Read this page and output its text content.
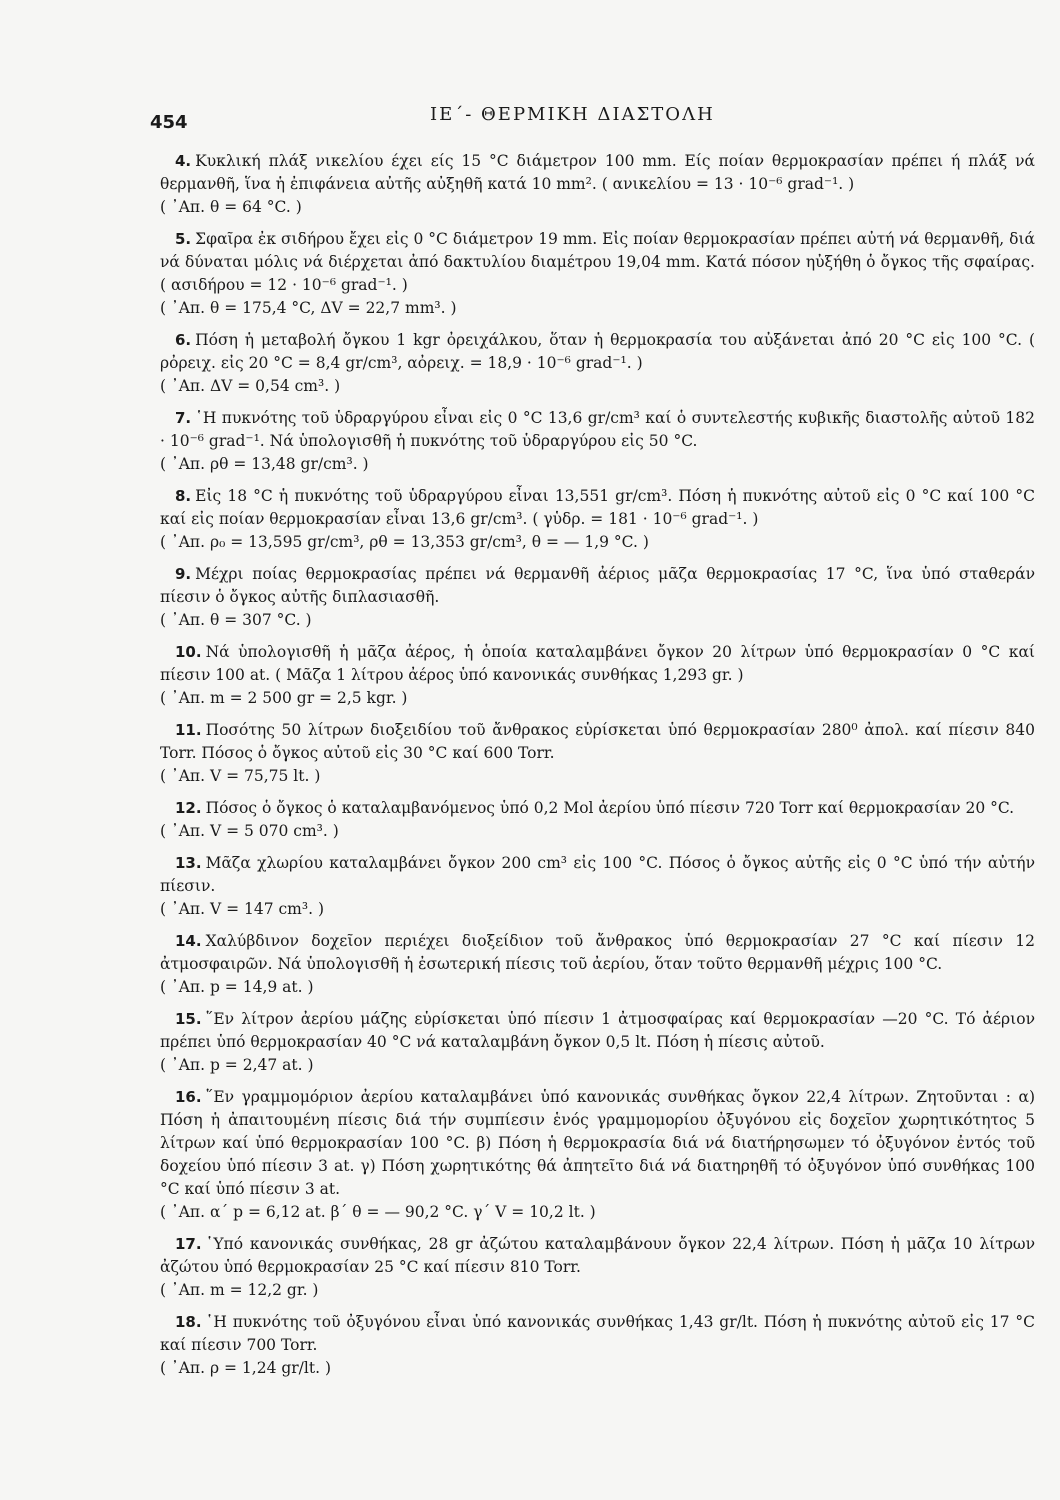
454	ΙΕ΄- ΘΕΡΜΙΚΗ ΔΙΑΣΤΟΛΗ

4. Κυκλική πλάξ νικελίου έχει είς 15 °C διάμετρον 100 mm. Είς ποίαν θερμοκρασίαν πρέπει ή πλάξ νά θερμανθῆ, ἵνα ἡ ἐπιφάνεια αὐτῆς αὐξηθῆ κατά 10 mm². ( ανικελίου = 13 · 10⁻⁶ grad⁻¹. )

( ᾿Απ. θ = 64 °C. )

5. Σφαῖρα ἐκ σιδήρου ἔχει εἰς 0 °C διάμετρον 19 mm. Εἰς ποίαν θερμοκρασίαν πρέπει αὐτή νά θερμανθῆ, διά νά δύναται μόλις νά διέρχεται ἀπό δακτυλίου διαμέτρου 19,04 mm. Κατά πόσον ηὐξήθη ὁ ὄγκος τῆς σφαίρας. ( ασιδήρου = 12 · 10⁻⁶ grad⁻¹. )

( ᾿Απ. θ = 175,4 °C, ΔV = 22,7 mm³. )

6. Πόση ἡ μεταβολή ὄγκου 1 kgr ὀρειχάλκου, ὅταν ἡ θερμοκρασία του αὐξάνεται ἀπό 20 °C εἰς 100 °C. ( ρὀρειχ. εἰς 20 °C = 8,4 gr/cm³, αὀρειχ. = 18,9 · 10⁻⁶ grad⁻¹. )

( ᾿Απ. ΔV = 0,54 cm³. )

7. ῾Η πυκνότης τοῦ ὑδραργύρου εἶναι εἰς 0 °C 13,6 gr/cm³ καί ὁ συντελεστής κυβικῆς διαστολῆς αὐτοῦ 182 · 10⁻⁶ grad⁻¹. Νά ὑπολογισθῆ ἡ πυκνότης τοῦ ὑδραργύρου εἰς 50 °C.

( ᾿Απ. ρθ = 13,48 gr/cm³. )

8. Εἰς 18 °C ἡ πυκνότης τοῦ ὑδραργύρου εἶναι 13,551 gr/cm³. Πόση ἡ πυκνότης αὐτοῦ εἰς 0 °C καί 100 °C καί εἰς ποίαν θερμοκρασίαν εἶναι 13,6 gr/cm³. ( γὑδρ. = 181 · 10⁻⁶ grad⁻¹. )

( ᾿Απ. ρ₀ = 13,595 gr/cm³, ρθ = 13,353 gr/cm³, θ = — 1,9 °C. )

9. Μέχρι ποίας θερμοκρασίας πρέπει νά θερμανθῆ ἀέριος μᾶζα θερμοκρασίας 17 °C, ἵνα ὑπό σταθεράν πίεσιν ὁ ὄγκος αὐτῆς διπλασιασθῆ.

( ᾿Απ. θ = 307 °C. )

10. Νά ὑπολογισθῆ ἡ μᾶζα ἀέρος, ἡ ὁποία καταλαμβάνει ὄγκον 20 λίτρων ὑπό θερμοκρασίαν 0 °C καί πίεσιν 100 at. ( Μᾶζα 1 λίτρου ἀέρος ὑπό κανονικάς συνθήκας 1,293 gr. )

( ᾿Απ. m = 2 500 gr = 2,5 kgr. )

11. Ποσότης 50 λίτρων διοξειδίου τοῦ ἄνθρακος εὑρίσκεται ὑπό θερμοκρασίαν 280⁰ ἀπολ. καί πίεσιν 840 Torr. Πόσος ὁ ὄγκος αὐτοῦ εἰς 30 °C καί 600 Torr.

( ᾿Απ. V = 75,75 lt. )

12. Πόσος ὁ ὄγκος ὁ καταλαμβανόμενος ὑπό 0,2 Mol ἀερίου ὑπό πίεσιν 720 Torr καί θερμοκρασίαν 20 °C.

( ᾿Απ. V = 5 070 cm³. )

13. Μᾶζα χλωρίου καταλαμβάνει ὄγκον 200 cm³ εἰς 100 °C. Πόσος ὁ ὄγκος αὐτῆς εἰς 0 °C ὑπό τήν αὐτήν πίεσιν.

( ᾿Απ. V = 147 cm³. )

14. Χαλύβδινον δοχεῖον περιέχει διοξείδιον τοῦ ἄνθρακος ὑπό θερμοκρασίαν 27 °C καί πίεσιν 12 ἀτμοσφαιρῶν. Νά ὑπολογισθῆ ἡ ἐσωτερική πίεσις τοῦ ἀερίου, ὅταν τοῦτο θερμανθῆ μέχρις 100 °C.

( ᾿Απ. p = 14,9 at. )

15. ῞Εν λίτρον ἀερίου μάζης εὑρίσκεται ὑπό πίεσιν 1 ἀτμοσφαίρας καί θερμοκρασίαν —20 °C. Τό ἀέριον πρέπει ὑπό θερμοκρασίαν 40 °C νά καταλαμβάνη ὄγκον 0,5 lt. Πόση ἡ πίεσις αὐτοῦ.

( ᾿Απ. p = 2,47 at. )

16. ῞Εν γραμμομόριον ἀερίου καταλαμβάνει ὑπό κανονικάς συνθήκας ὄγκον 22,4 λίτρων. Ζητοῦνται : α) Πόση ἡ ἀπαιτουμένη πίεσις διά τήν συμπίεσιν ἑνός γραμμομορίου ὀξυγόνου εἰς δοχεῖον χωρητικότητος 5 λίτρων καί ὑπό θερμοκρασίαν 100 °C. β) Πόση ἡ θερμοκρασία διά νά διατήρησωμεν τό ὀξυγόνον ἐντός τοῦ δοχείου ὑπό πίεσιν 3 at. γ) Πόση χωρητικότης θά ἀπητεῖτο διά νά διατηρηθῆ τό ὀξυγόνον ὑπό συνθήκας 100 °C καί ὑπό πίεσιν 3 at.

( ᾿Απ. α΄ p = 6,12 at. β΄ θ = — 90,2 °C. γ΄ V = 10,2 lt. )

17. ῾Υπό κανονικάς συνθήκας, 28 gr ἀζώτου καταλαμβάνουν ὄγκον 22,4 λίτρων. Πόση ἡ μᾶζα 10 λίτρων ἀζώτου ὑπό θερμοκρασίαν 25 °C καί πίεσιν 810 Torr.

( ᾿Απ. m = 12,2 gr. )

18. ῾Η πυκνότης τοῦ ὀξυγόνου εἶναι ὑπό κανονικάς συνθήκας 1,43 gr/lt. Πόση ἡ πυκνότης αὐτοῦ εἰς 17 °C καί πίεσιν 700 Torr.

( ᾿Απ. ρ = 1,24 gr/lt. )
